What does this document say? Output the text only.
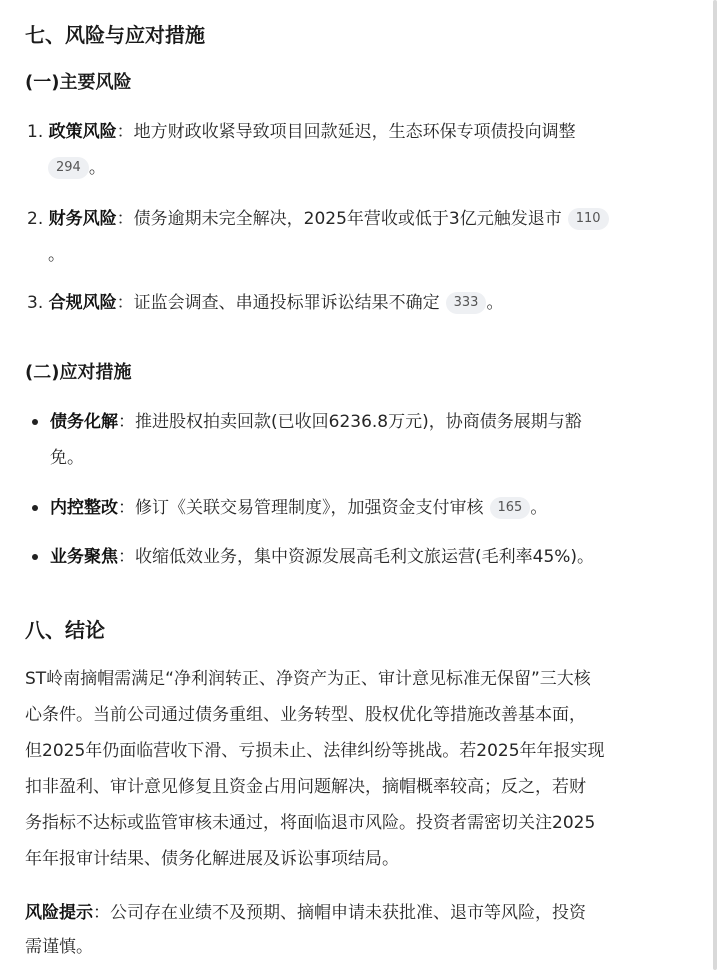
七、风险与应对措施
(一)主要风险
1. 政策风险：地方财政收紧导致项目回款延迟，生态环保专项债投向调整
294 。
2. 财务风险：债务逾期未完全解决，2025年营收或低于3亿元触发退市 110
。
3. 合规风险：证监会调查、串通投标罪诉讼结果不确定 333 。
(二)应对措施
债务化解：推进股权拍卖回款(已收回6236.8万元)，协商债务展期与豁
免。
内控整改：修订《关联交易管理制度》，加强资金支付审核 165 。
业务聚焦：收缩低效业务，集中资源发展高毛利文旅运营(毛利率45%)。
八、结论
ST岭南摘帽需满足“净利润转正、净资产为正、审计意见标准无保留”三大核
心条件。当前公司通过债务重组、业务转型、股权优化等措施改善基本面，
但2025年仍面临营收下滑、亏损未止、法律纠纷等挑战。若2025年年报实现
扣非盈利、审计意见修复且资金占用问题解决，摘帽概率较高；反之，若财
务指标不达标或监管审核未通过，将面临退市风险。投资者需密切关注2025
年年报审计结果、债务化解进展及诉讼事项结局。
风险提示：公司存在业绩不及预期、摘帽申请未获批准、退市等风险，投资
需谨慎。
